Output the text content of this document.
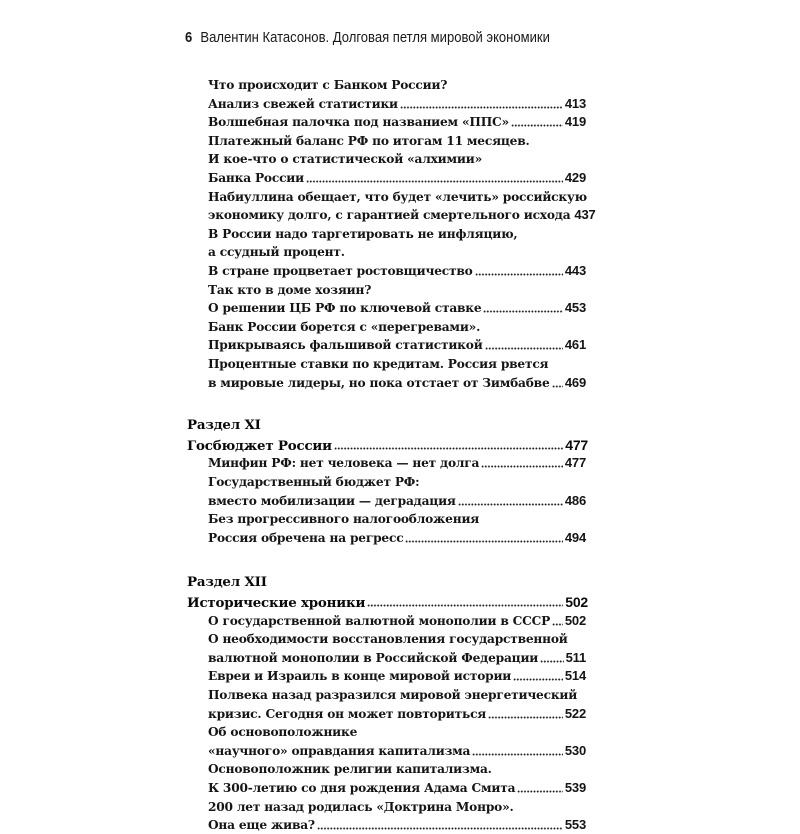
6 Валентин Катасонов. Долговая петля мировой экономики
Что происходит с Банком России?
Анализ свежей статистики	413
Волшебная палочка под названием «ППС»	419
Платежный баланс РФ по итогам 11 месяцев.
И кое-что о статистической «алхимии»
Банка России	429
Набиуллина обещает, что будет «лечить» российскую
экономику долго, с гарантией смертельного исхода 437
В России надо таргетировать не инфляцию,
а ссудный процент.
В стране процветает ростовщичество	443
Так кто в доме хозяин?
О решении ЦБ РФ по ключевой ставке	453
Банк России борется с «перегревами».
Прикрываясь фальшивой статистикой	461
Процентные ставки по кредитам. Россия рвется
в мировые лидеры, но пока отстает от Зимбабве 469
Раздел XI
Госбюджет России	477
Минфин РФ: нет человека — нет долга	477
Государственный бюджет РФ:
вместо мобилизации — деградация	486
Без прогрессивного налогообложения
Россия обречена на регресс	494
Раздел XII
Исторические хроники	502
О государственной валютной монополии в СССР 502
О необходимости восстановления государственной
валютной монополии в Российской Федерации 511
Евреи и Израиль в конце мировой истории	514
Полвека назад разразился мировой энергетический
кризис. Сегодня он может повториться	522
Об основоположнике
«научного» оправдания капитализма	530
Основоположник религии капитализма.
К 300-летию со дня рождения Адама Смита	539
200 лет назад родилась «Доктрина Монро».
Она еще жива?	553
